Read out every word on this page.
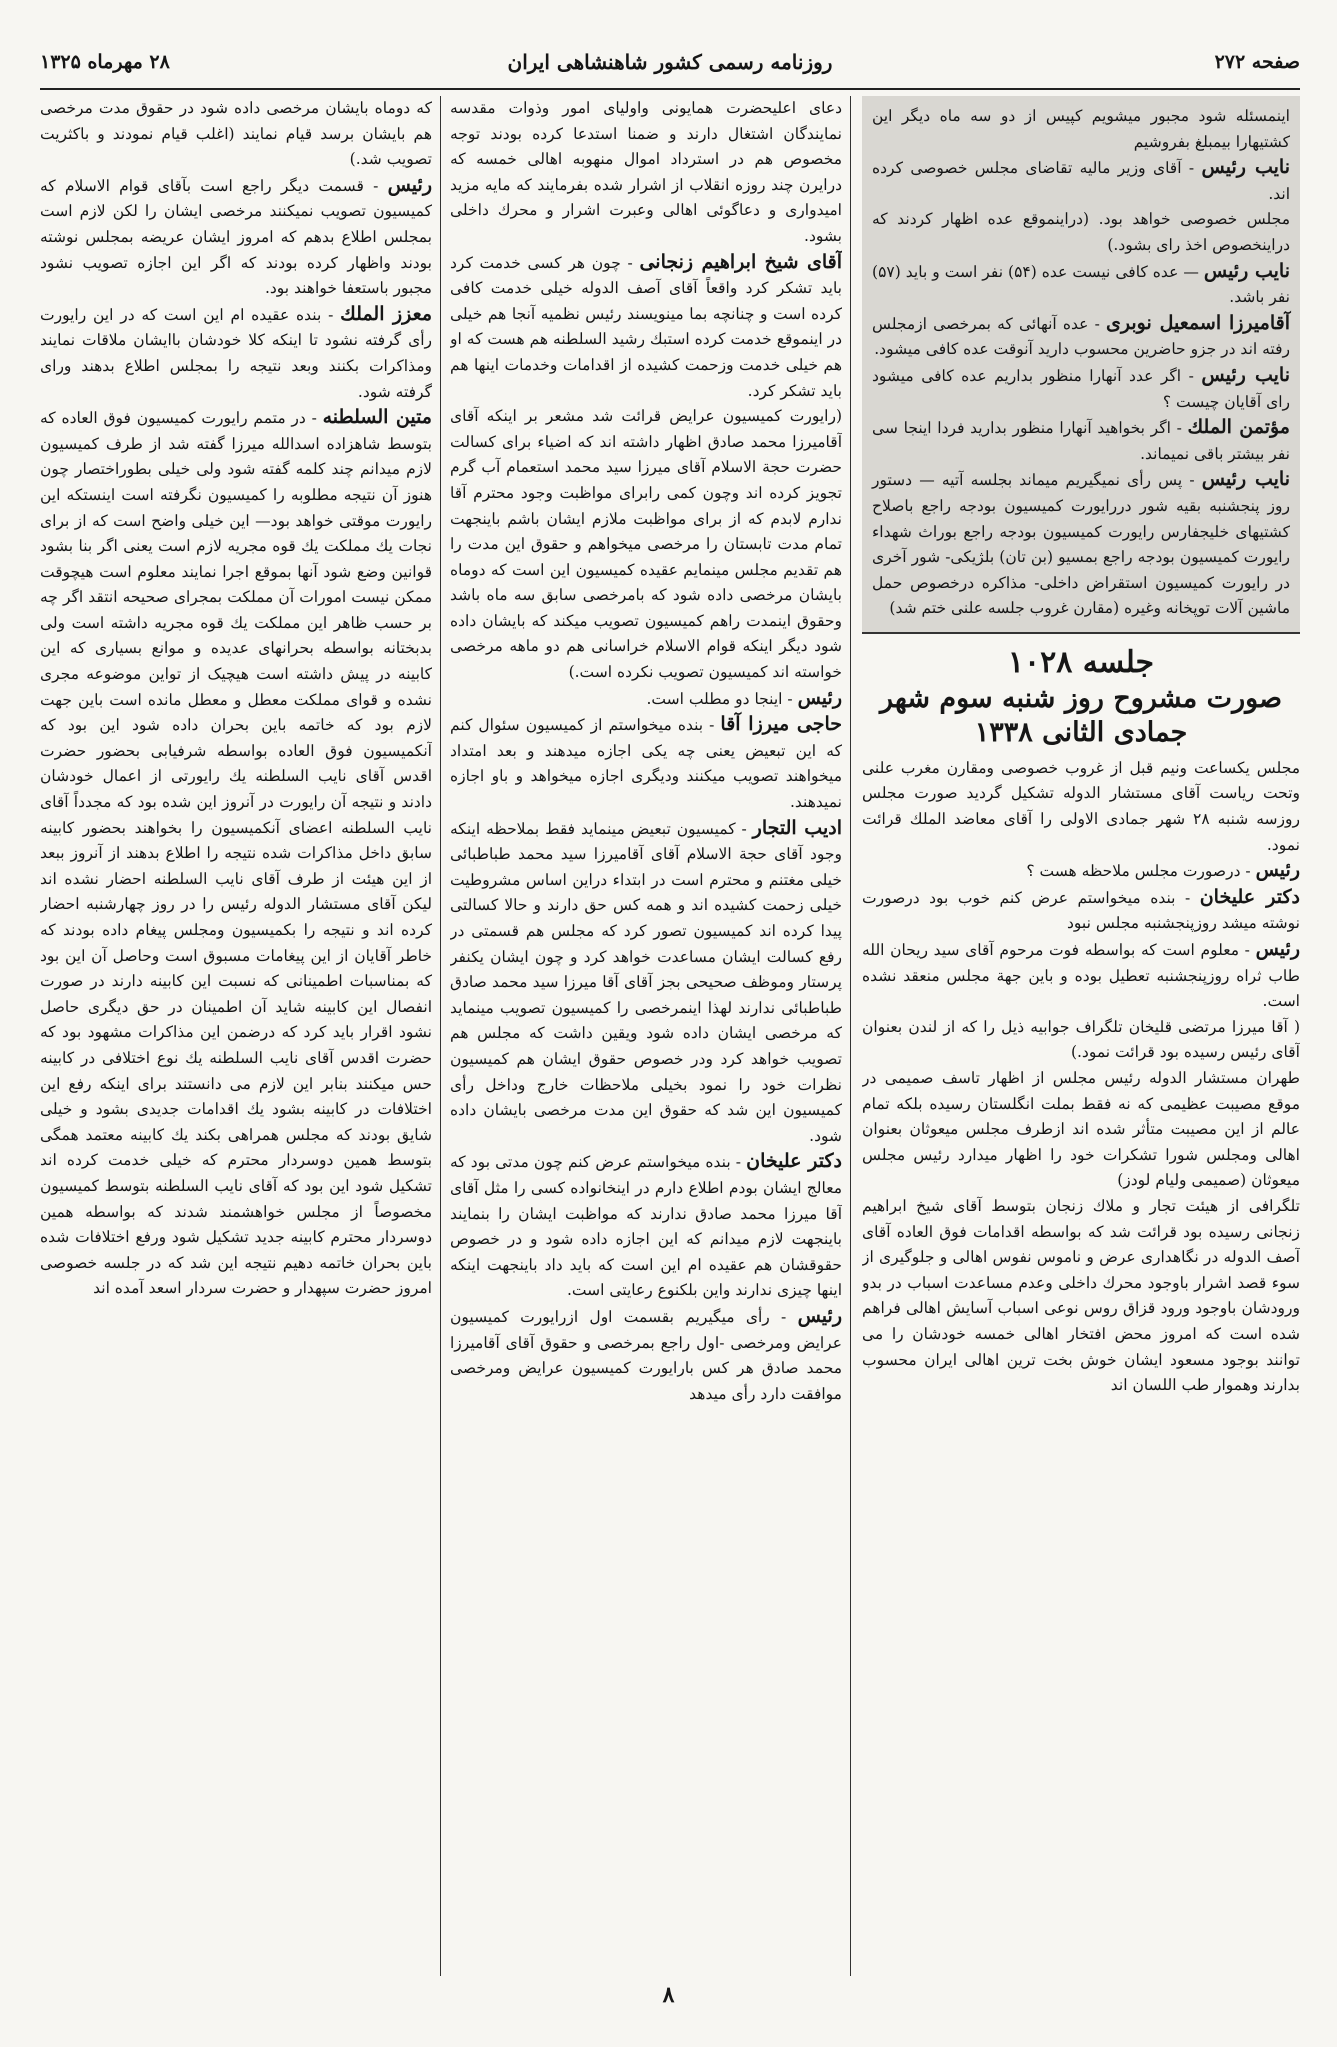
صفحه ۲۷۲
روزنامه رسمی کشور شاهنشاهی ایران
۲۸ مهرماه ۱۳۲۵

اینمسئله شود مجبور میشویم کپیس از دو سه ماه دیگر این کشتیهارا بیمبلغ بفروشیم

نایب رئیس - آقای وزیر مالیه تقاضای مجلس خصوصی کرده اند.

مجلس خصوصی خواهد بود. (دراینموقع عده اظهار کردند که دراینخصوص اخذ رای بشود.)

نایب رئیس — عده کافی نیست عده (۵۴) نفر است و باید (۵۷) نفر باشد.

آقامیرزا اسمعیل نوبری - عده آنهائی که بمرخصی ازمجلس رفته اند در جزو حاضرین محسوب دارید آنوقت عده کافی میشود.

نایب رئیس - اگر عدد آنهارا منظور بداریم عده کافی میشود رای آقایان چیست ؟

مؤتمن الملك - اگر بخواهید آنهارا منظور بدارید فردا اینجا سی نفر بیشتر باقی نمیماند.

نایب رئیس - پس رأی نمیگیریم میماند بجلسه آتیه — دستور روز پنجشنبه بقیه شور دررایورت کمیسیون بودجه راجع باصلاح کشتیهای خلیجفارس رایورت کمیسیون بودجه راجع بوراث شهداء رایورت کمیسیون بودجه راجع بمسیو (بن تان) بلژیکی- شور آخری در رایورت کمیسیون استقراض داخلی- مذاکره درخصوص حمل ماشین آلات توپخانه وغیره (مقارن غروب جلسه علنی ختم شد)

جلسه ۱۰۲۸
صورت مشروح روز شنبه سوم شهر جمادی الثانی ۱۳۳۸

مجلس یکساعت ونیم قبل از غروب خصوصی ومقارن مغرب علنی وتحت ریاست آقای مستشار الدوله تشکیل گردید صورت مجلس روزسه شنبه ۲۸ شهر جمادی الاولی را آقای معاضد الملك قرائت نمود.

رئیس - درصورت مجلس ملاحظه هست ؟

دکتر علیخان - بنده میخواستم عرض کنم خوب بود درصورت نوشته میشد روزپنجشنبه مجلس نبود

رئیس - معلوم است که بواسطه فوت مرحوم آقای سید ریحان الله طاب ثراه روزپنجشنبه تعطیل بوده و باین جهة مجلس منعقد نشده است.

( آقا میرزا مرتضی قلیخان تلگراف جوابیه ذیل را که از لندن بعنوان آقای رئیس رسیده بود قرائت نمود.)

طهران مستشار الدوله رئیس مجلس از اظهار تاسف صمیمی در موقع مصیبت عظیمی که نه فقط بملت انگلستان رسیده بلکه تمام عالم از این مصیبت متأثر شده اند ازطرف مجلس میعوثان بعنوان اهالی ومجلس شورا تشکرات خود را اظهار میدارد رئیس مجلس میعوثان (صمیمی ولیام لودز)

تلگرافی از هیئت تجار و ملاك زنجان بتوسط آقای شیخ ابراهیم زنجانی رسیده بود قرائت شد که بواسطه اقدامات فوق العاده آقای آصف الدوله در نگاهداری عرض و ناموس نفوس اهالی و جلوگیری از سوء قصد اشرار باوجود محرك داخلی وعدم مساعدت اسباب در بدو ورودشان باوجود ورود قزاق روس نوعی اسباب آسایش اهالی فراهم شده است که امروز محض افتخار اهالی خمسه خودشان را می توانند بوجود مسعود ایشان خوش بخت ترین اهالی ایران محسوب بدارند وهموار طب اللسان اند

دعای اعلیحضرت همایونی واولیای امور وذوات مقدسه نمایندگان اشتغال دارند و ضمنا استدعا کرده بودند توجه مخصوص هم در استرداد اموال منهوبه اهالی خمسه که درایرن چند روزه انقلاب از اشرار شده بفرمایند که مایه مزید امیدواری و دعاگوئی اهالی وعبرت اشرار و محرك داخلی بشود.

آقای شیخ ابراهیم زنجانی - چون هر کسی خدمت کرد باید تشکر کرد واقعاً آقای آصف الدوله خیلی خدمت کافی کرده است و چنانچه بما مینویسند رئیس نظمیه آنجا هم خیلی در اینموقع خدمت کرده استبك رشید السلطنه هم هست که او هم خیلی خدمت وزحمت کشیده از اقدامات وخدمات اینها هم باید تشکر کرد.

(رایورت کمیسیون عرایض قرائت شد مشعر بر اینکه آقای آقامیرزا محمد صادق اظهار داشته اند که اضیاء برای کسالت حضرت حجة الاسلام آقای میرزا سید محمد استعمام آب گرم تجویز کرده اند وچون کمی رابرای مواظبت وجود محترم آقا ندارم لابدم که از برای مواظبت ملازم ایشان باشم باینجهت تمام مدت تابستان را مرخصی میخواهم و حقوق این مدت را هم تقدیم مجلس مینمایم عقیده کمیسیون این است که دوماه بایشان مرخصی داده شود که بامرخصی سابق سه ماه باشد وحقوق اینمدت راهم کمیسیون تصویب میکند که بایشان داده شود دیگر اینکه قوام الاسلام خراسانی هم دو ماهه مرخصی خواسته اند کمیسیون تصویب نکرده است.)

رئیس - اینجا دو مطلب است.

حاجی میرزا آقا - بنده میخواستم از کمیسیون سئوال کنم که این تبعیض یعنی چه یکی اجازه میدهند و بعد امتداد میخواهند تصویب میکنند ودیگری اجازه میخواهد و باو اجازه نمیدهند.

ادیب التجار - کمیسیون تبعیض مینماید فقط بملاحظه اینکه وجود آقای حجة الاسلام آقای آقامیرزا سید محمد طباطبائی خیلی مغتنم و محترم است در ابتداء دراین اساس مشروطیت خیلی زحمت کشیده اند و همه کس حق دارند و حالا کسالتی پیدا کرده اند کمیسیون تصور کرد که مجلس هم قسمتی در رفع کسالت ایشان مساعدت خواهد کرد و چون ایشان یکنفر پرستار وموظف صحیحی بجز آقای آقا میرزا سید محمد صادق طباطبائی ندارند لهذا اینمرخصی را کمیسیون تصویب مینماید که مرخصی ایشان داده شود ویقین داشت که مجلس هم تصویب خواهد کرد ودر خصوص حقوق ایشان هم کمیسیون نظرات خود را نمود بخیلی ملاحظات خارج وداخل رأی کمیسیون این شد که حقوق این مدت مرخصی بایشان داده شود.

دکتر علیخان - بنده میخواستم عرض کنم چون مدتی بود که معالج ایشان بودم اطلاع دارم در اینخانواده کسی را مثل آقای آقا میرزا محمد صادق ندارند که مواظبت ایشان را بنمایند باینجهت لازم میدانم که این اجازه داده شود و در خصوص حقوقشان هم عقیده ام این است که باید داد باینجهت اینکه اینها چیزی ندارند واین بلکنوع رعایتی است.

رئیس - رأی میگیریم بقسمت اول ازرایورت کمیسیون عرایض ومرخصی -اول راجع بمرخصی و حقوق آقای آقامیرزا محمد صادق هر کس بارایورت کمیسیون عرایض ومرخصی موافقت دارد رأی میدهد

که دوماه بایشان مرخصی داده شود در حقوق مدت مرخصی هم بایشان برسد قیام نمایند (اغلب قیام نمودند و باکثریت تصویب شد.)

رئیس - قسمت دیگر راجع است بآقای قوام الاسلام که کمیسیون تصویب نمیکنند مرخصی ایشان را لکن لازم است بمجلس اطلاع بدهم که امروز ایشان عریضه بمجلس نوشته بودند واظهار کرده بودند که اگر این اجازه تصویب نشود مجبور باستعفا خواهند بود.

معزز الملك - بنده عقیده ام این است که در این رایورت رأی گرفته نشود تا اینکه کلا خودشان باایشان ملاقات نمایند ومذاکرات بکنند وبعد نتیجه را بمجلس اطلاع بدهند ورای گرفته شود.

متین السلطنه - در متمم رایورت کمیسیون فوق العاده که بتوسط شاهزاده اسدالله میرزا گفته شد از طرف کمیسیون لازم میدانم چند کلمه گفته شود ولی خیلی بطوراختصار چون هنوز آن نتیجه مطلوبه را کمیسیون نگرفته است اینستکه این رایورت موقتی خواهد بود— این خیلی واضح است که از برای نجات یك مملکت یك قوه مجریه لازم است یعنی اگر بنا بشود قوانین وضع شود آنها بموقع اجرا نمایند معلوم است هیچوقت ممکن نیست امورات آن مملکت بمجرای صحیحه انتقد اگر چه بر حسب ظاهر این مملکت یك قوه مجریه داشته است ولی بدبختانه بواسطه بحرانهای عدیده و موانع بسیاری که این کابینه در پیش داشته است هیچیک از تواین موضوعه مجری نشده و قوای مملکت معطل و معطل مانده است باین جهت لازم بود که خاتمه باین بحران داده شود این بود که آنکمیسیون فوق العاده بواسطه شرفیابی بحضور حضرت اقدس آقای نایب السلطنه یك رایورتی از اعمال خودشان دادند و نتیجه آن رایورت در آنروز این شده بود که مجدداً آقای نایب السلطنه اعضای آنکمیسیون را بخواهند بحضور کابینه سابق داخل مذاکرات شده نتیجه را اطلاع بدهند از آنروز ببعد از این هیئت از طرف آقای نایب السلطنه احضار نشده اند لیکن آقای مستشار الدوله رئیس را در روز چهارشنبه احضار کرده اند و نتیجه را بکمیسیون ومجلس پیغام داده بودند که خاطر آقایان از این پیغامات مسبوق است وحاصل آن این بود که بمناسبات اطمینانی که نسبت این کابینه دارند در صورت انفصال این کابینه شاید آن اطمینان در حق دیگری حاصل نشود اقرار باید کرد که درضمن این مذاکرات مشهود بود که حضرت اقدس آقای نایب السلطنه یك نوع اختلافی در کابینه حس میکنند بنابر این لازم می دانستند برای اینکه رفع این اختلافات در کابینه بشود یك اقدامات جدیدی بشود و خیلی شایق بودند که مجلس همراهی بکند یك کابینه معتمد همگی بتوسط همین دوسردار محترم که خیلی خدمت کرده اند تشکیل شود این بود که آقای نایب السلطنه بتوسط کمیسیون مخصوصاً از مجلس خواهشمند شدند که بواسطه همین دوسردار محترم کابینه جدید تشکیل شود ورفع اختلافات شده باین بحران خاتمه دهیم نتیجه این شد که در جلسه خصوصی امروز حضرت سپهدار و حضرت سردار اسعد آمده اند

۸
